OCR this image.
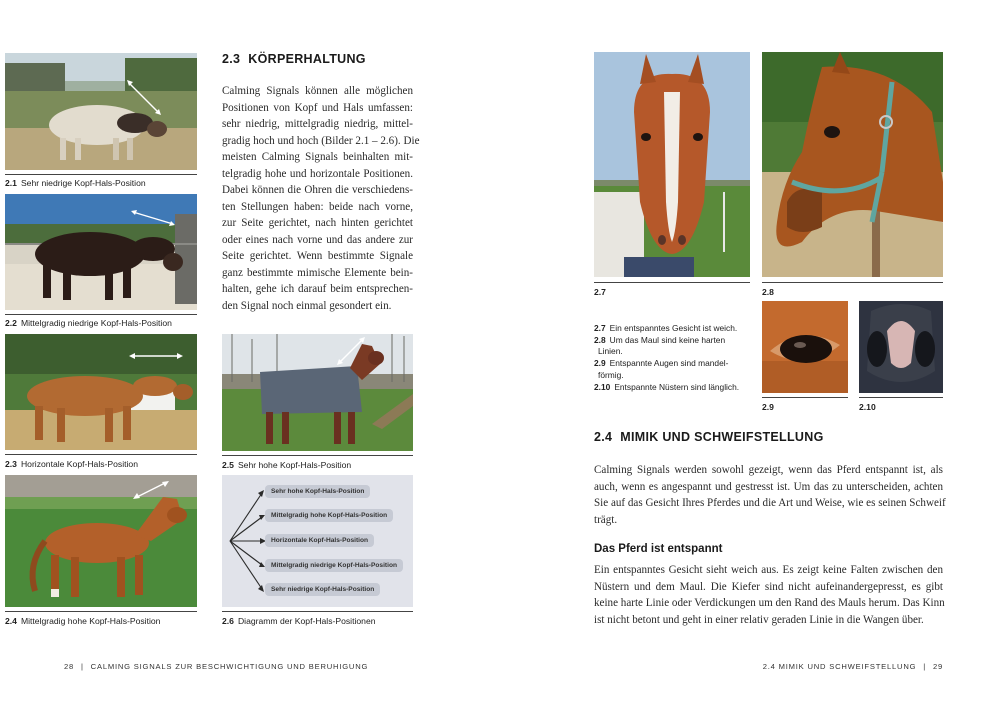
2.1 Sehr niedrige Kopf-Hals-Position
2.2 Mittelgradig niedrige Kopf-Hals-Position
2.3 Horizontale Kopf-Hals-Position
2.4 Mittelgradig hohe Kopf-Hals-Position
2.3 KÖRPERHALTUNG
Calming Signals können alle möglichen
Positionen von Kopf und Hals umfassen:
sehr niedrig, mittelgradig niedrig, mittel-
gradig hoch und hoch (Bilder 2.1 – 2.6). Die
meisten Calming Signals beinhalten mit-
telgradig hohe und horizontale Positionen.
Dabei können die Ohren die verschiedens-
ten Stellungen haben: beide nach vorne,
zur Seite gerichtet, nach hinten gerichtet
oder eines nach vorne und das andere zur
Seite gerichtet. Wenn bestimmte Signale
ganz bestimmte mimische Elemente bein-
halten, gehe ich darauf beim entsprechen-
den Signal noch einmal gesondert ein.
2.5 Sehr hohe Kopf-Hals-Position
Sehr hohe Kopf-Hals-Position
Mittelgradig hohe Kopf-Hals-Position
Horizontale Kopf-Hals-Position
Mittelgradig niedrige Kopf-Hals-Position
Sehr niedrige Kopf-Hals-Position
2.6 Diagramm der Kopf-Hals-Positionen
28 | CALMING SIGNALS ZUR BESCHWICHTIGUNG UND BERUHIGUNG
2.7	2.8
2.7 Ein entspanntes Gesicht ist weich.
2.8 Um das Maul sind keine harten
Linien.
2.9 Entspannte Augen sind mandel-
förmig.
2.10 Entspannte Nüstern sind länglich.
2.9	2.10
2.4 MIMIK UND SCHWEIFSTELLUNG
Calming Signals werden sowohl gezeigt, wenn das Pferd entspannt ist, als
auch, wenn es angespannt und gestresst ist. Um das zu unterscheiden, achten
Sie auf das Gesicht Ihres Pferdes und die Art und Weise, wie es seinen Schweif
trägt.
Das Pferd ist entspannt
Ein entspanntes Gesicht sieht weich aus. Es zeigt keine Falten zwischen den
Nüstern und dem Maul. Die Kiefer sind nicht aufeinandergepresst, es gibt
keine harte Linie oder Verdickungen um den Rand des Mauls herum. Das Kinn
ist nicht betont und geht in einer relativ geraden Linie in die Wangen über.
2.4 MIMIK UND SCHWEIFSTELLUNG | 29
